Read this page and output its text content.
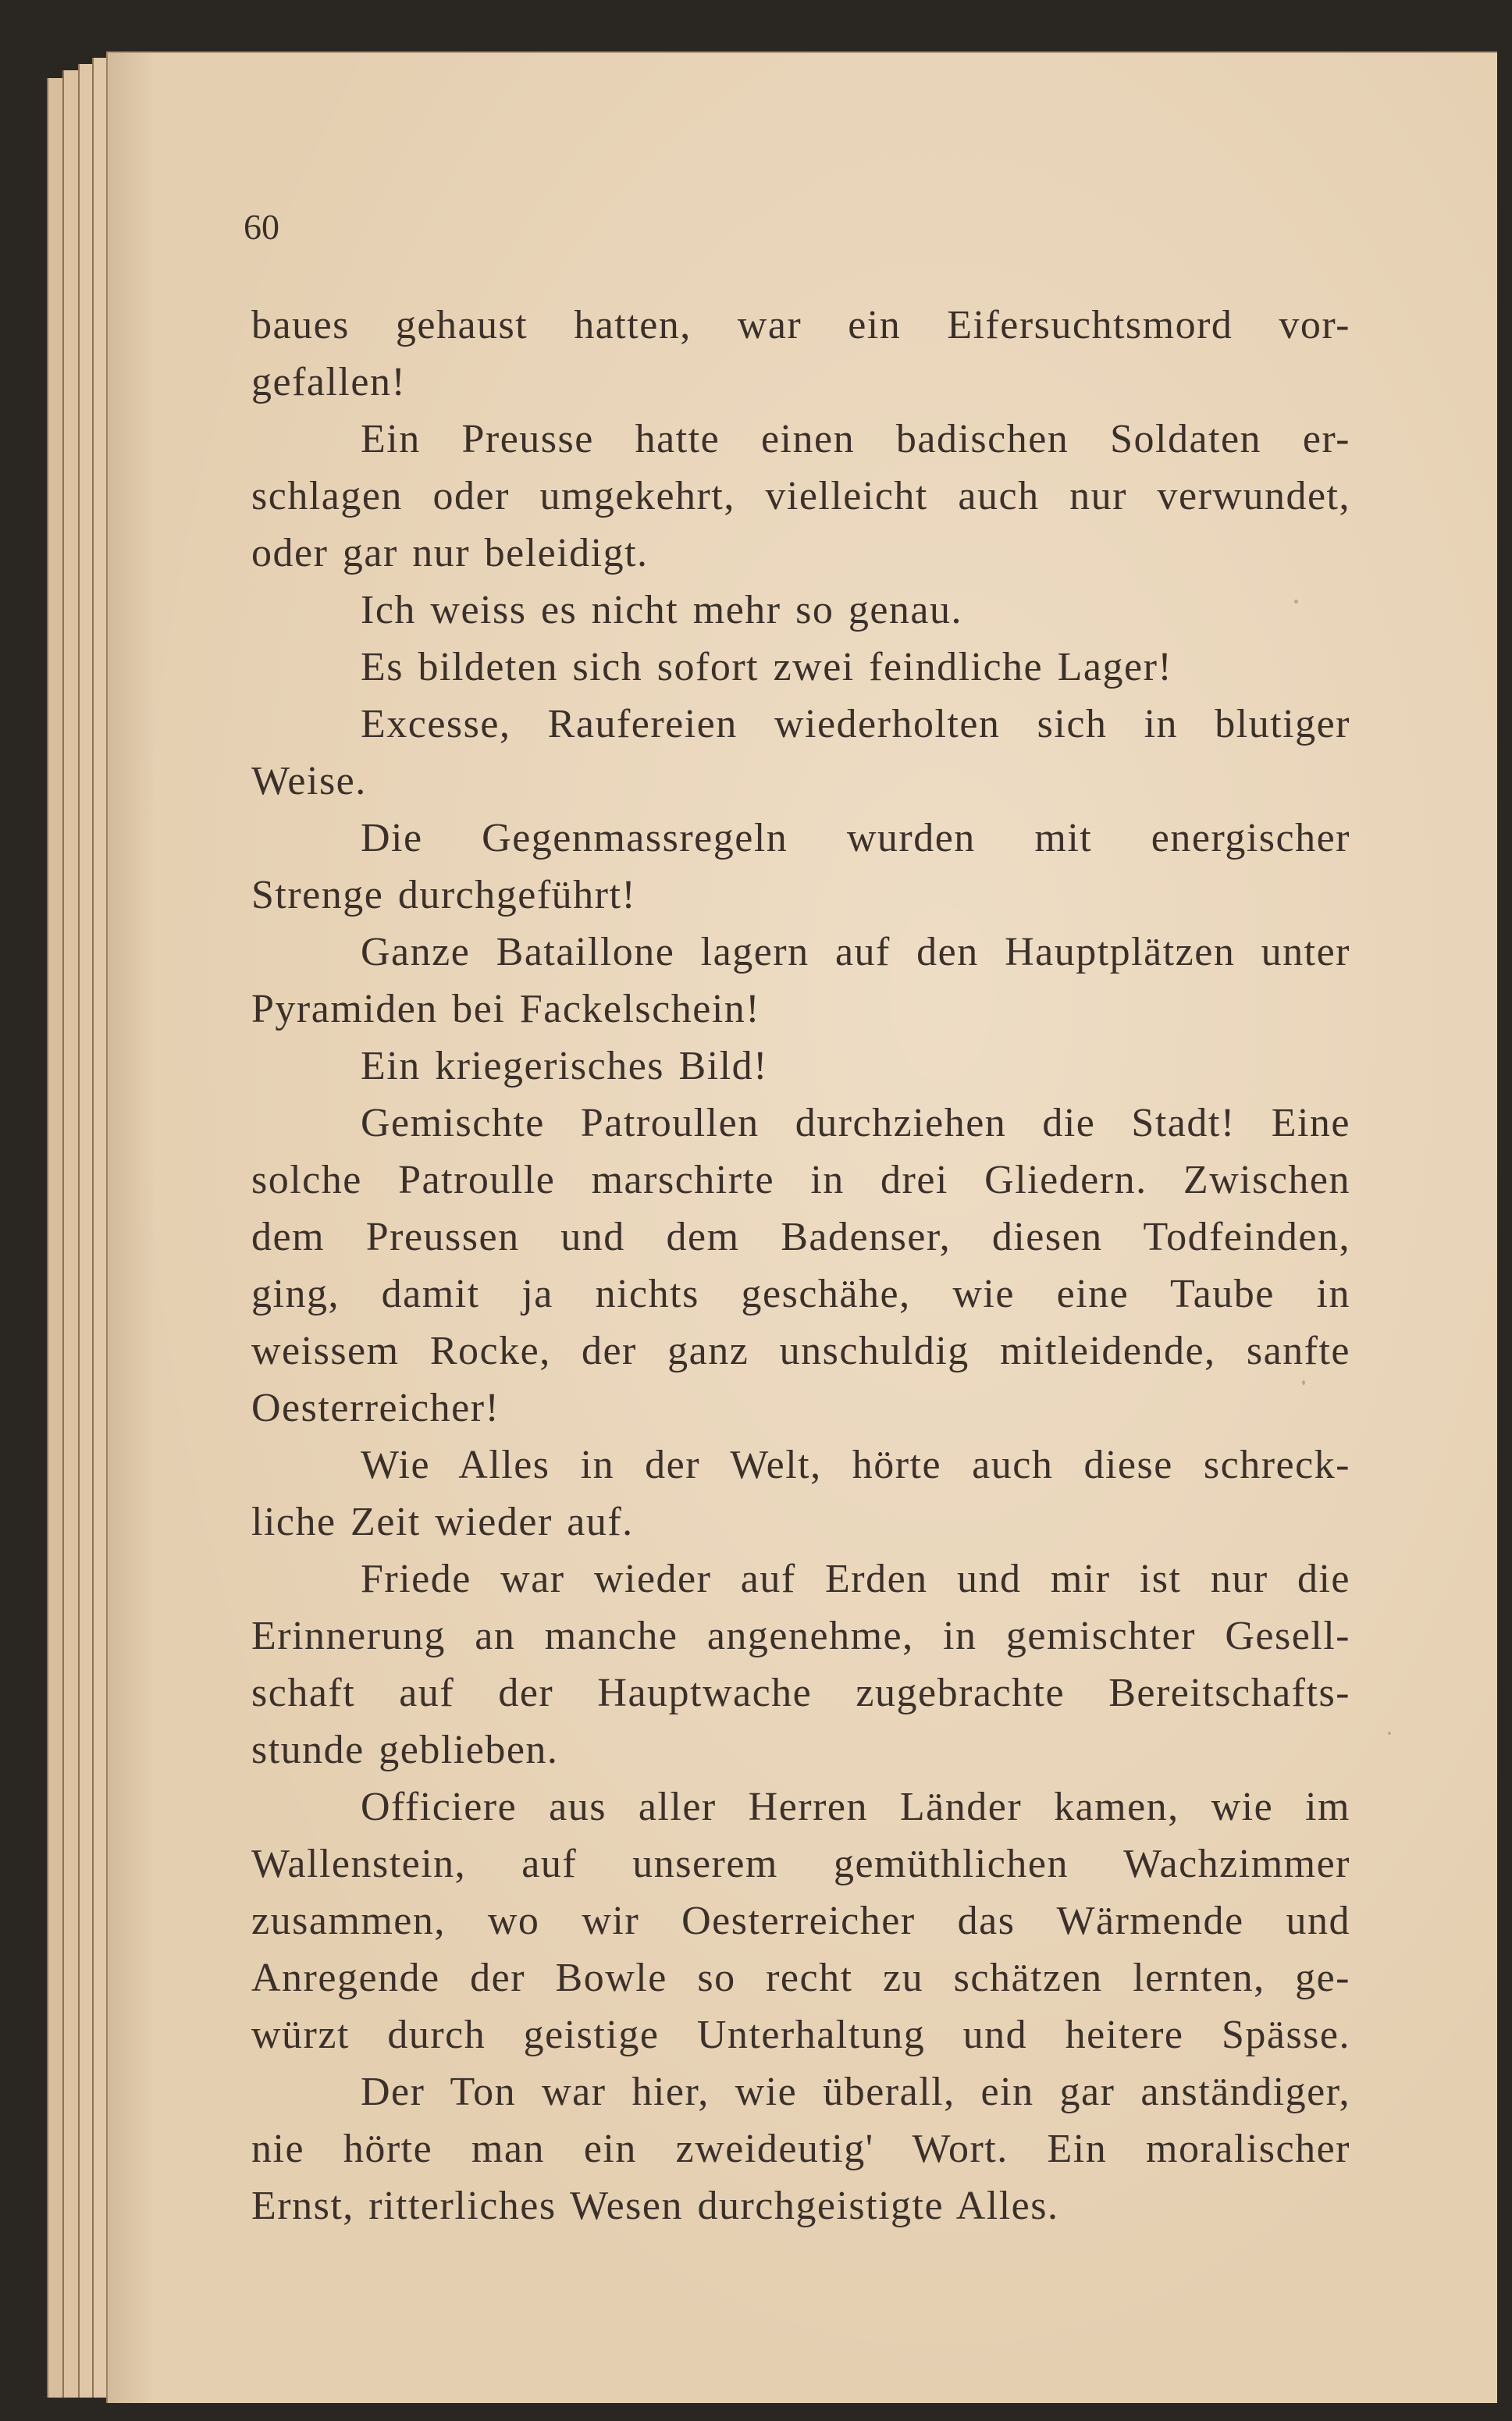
60

baues gehaust hatten, war ein Eifersuchtsmord vor-

gefallen!

Ein Preusse hatte einen badischen Soldaten er-

schlagen oder umgekehrt, vielleicht auch nur verwundet,

oder gar nur beleidigt.

Ich weiss es nicht mehr so genau.

Es bildeten sich sofort zwei feindliche Lager!

Excesse, Raufereien wiederholten sich in blutiger

Weise.

Die Gegenmassregeln wurden mit energischer

Strenge durchgeführt!

Ganze Bataillone lagern auf den Hauptplätzen unter

Pyramiden bei Fackelschein!

Ein kriegerisches Bild!

Gemischte Patroullen durchziehen die Stadt! Eine

solche Patroulle marschirte in drei Gliedern. Zwischen

dem Preussen und dem Badenser, diesen Todfeinden,

ging, damit ja nichts geschähe, wie eine Taube in

weissem Rocke, der ganz unschuldig mitleidende, sanfte

Oesterreicher!

Wie Alles in der Welt, hörte auch diese schreck-

liche Zeit wieder auf.

Friede war wieder auf Erden und mir ist nur die

Erinnerung an manche angenehme, in gemischter Gesell-

schaft auf der Hauptwache zugebrachte Bereitschafts-

stunde geblieben.

Officiere aus aller Herren Länder kamen, wie im

Wallenstein, auf unserem gemüthlichen Wachzimmer

zusammen, wo wir Oesterreicher das Wärmende und

Anregende der Bowle so recht zu schätzen lernten, ge-

würzt durch geistige Unterhaltung und heitere Spässe.

Der Ton war hier, wie überall, ein gar anständiger,

nie hörte man ein zweideutig' Wort. Ein moralischer

Ernst, ritterliches Wesen durchgeistigte Alles.
